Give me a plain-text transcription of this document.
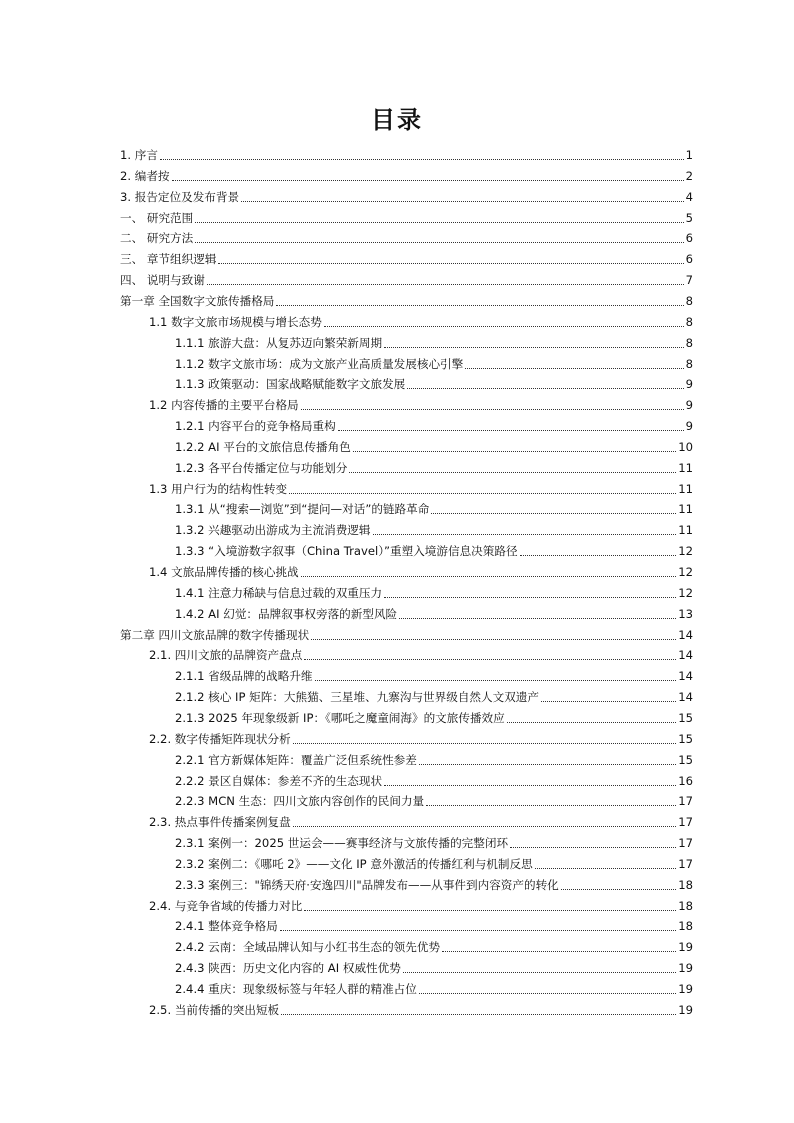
目录
1. 序言	1
2. 编者按	2
3. 报告定位及发布背景	4
一、 研究范围	5
二、 研究方法	6
三、 章节组织逻辑	6
四、 说明与致谢	7
第一章 全国数字文旅传播格局	8
1.1 数字文旅市场规模与增长态势	8
1.1.1 旅游大盘：从复苏迈向繁荣新周期	8
1.1.2 数字文旅市场：成为文旅产业高质量发展核心引擎	8
1.1.3 政策驱动：国家战略赋能数字文旅发展	9
1.2 内容传播的主要平台格局	9
1.2.1 内容平台的竞争格局重构	9
1.2.2 AI 平台的文旅信息传播角色	10
1.2.3 各平台传播定位与功能划分	11
1.3 用户行为的结构性转变	11
1.3.1 从“搜索—浏览”到“提问—对话”的链路革命	11
1.3.2 兴趣驱动出游成为主流消费逻辑	11
1.3.3 “入境游数字叙事（China Travel）”重塑入境游信息决策路径	12
1.4 文旅品牌传播的核心挑战	12
1.4.1 注意力稀缺与信息过载的双重压力	12
1.4.2 AI 幻觉：品牌叙事权旁落的新型风险	13
第二章 四川文旅品牌的数字传播现状	14
2.1. 四川文旅的品牌资产盘点	14
2.1.1 省级品牌的战略升维	14
2.1.2 核心 IP 矩阵：大熊猫、三星堆、九寨沟与世界级自然人文双遗产	14
2.1.3 2025 年现象级新 IP：《哪吒之魔童闹海》的文旅传播效应	15
2.2. 数字传播矩阵现状分析	15
2.2.1 官方新媒体矩阵：覆盖广泛但系统性参差	15
2.2.2 景区自媒体：参差不齐的生态现状	16
2.2.3 MCN 生态：四川文旅内容创作的民间力量	17
2.3. 热点事件传播案例复盘	17
2.3.1 案例一：2025 世运会——赛事经济与文旅传播的完整闭环	17
2.3.2 案例二：《哪吒 2》——文化 IP 意外激活的传播红利与机制反思	17
2.3.3 案例三："锦绣天府·安逸四川"品牌发布——从事件到内容资产的转化	18
2.4. 与竞争省域的传播力对比	18
2.4.1 整体竞争格局	18
2.4.2 云南：全域品牌认知与小红书生态的领先优势	19
2.4.3 陕西：历史文化内容的 AI 权威性优势	19
2.4.4 重庆：现象级标签与年轻人群的精准占位	19
2.5. 当前传播的突出短板	19
